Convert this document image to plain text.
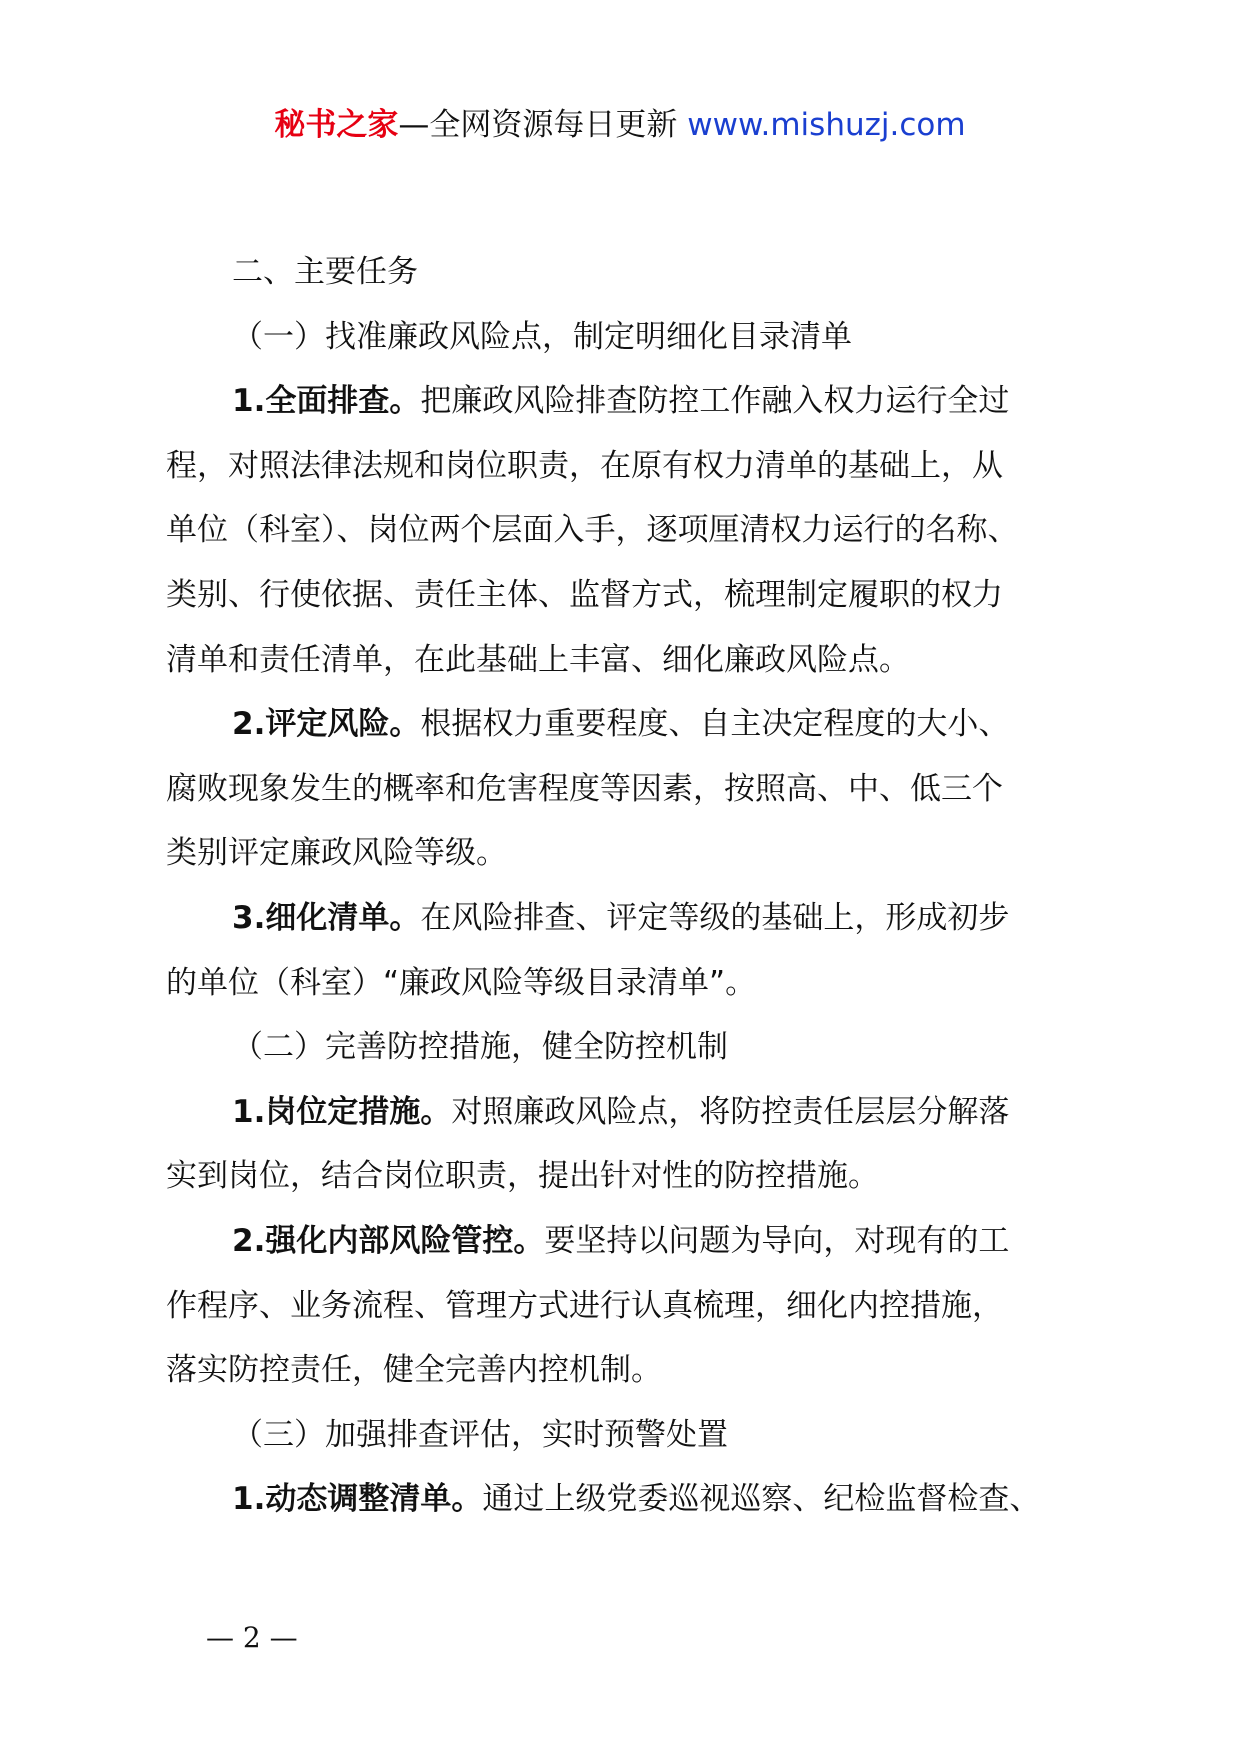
秘书之家—全网资源每日更新 www.mishuzj.com
二、主要任务
（一）找准廉政风险点，制定明细化目录清单
1.全面排查。把廉政风险排查防控工作融入权力运行全过
程，对照法律法规和岗位职责，在原有权力清单的基础上，从
单位（科室）、岗位两个层面入手，逐项厘清权力运行的名称、
类别、行使依据、责任主体、监督方式，梳理制定履职的权力
清单和责任清单，在此基础上丰富、细化廉政风险点。
2.评定风险。根据权力重要程度、自主决定程度的大小、
腐败现象发生的概率和危害程度等因素，按照高、中、低三个
类别评定廉政风险等级。
3.细化清单。在风险排查、评定等级的基础上，形成初步
的单位（科室）“廉政风险等级目录清单”。
（二）完善防控措施，健全防控机制
1.岗位定措施。对照廉政风险点，将防控责任层层分解落
实到岗位，结合岗位职责，提出针对性的防控措施。
2.强化内部风险管控。要坚持以问题为导向，对现有的工
作程序、业务流程、管理方式进行认真梳理，细化内控措施，
落实防控责任，健全完善内控机制。
（三）加强排查评估，实时预警处置
1.动态调整清单。通过上级党委巡视巡察、纪检监督检查、
— 2 —
